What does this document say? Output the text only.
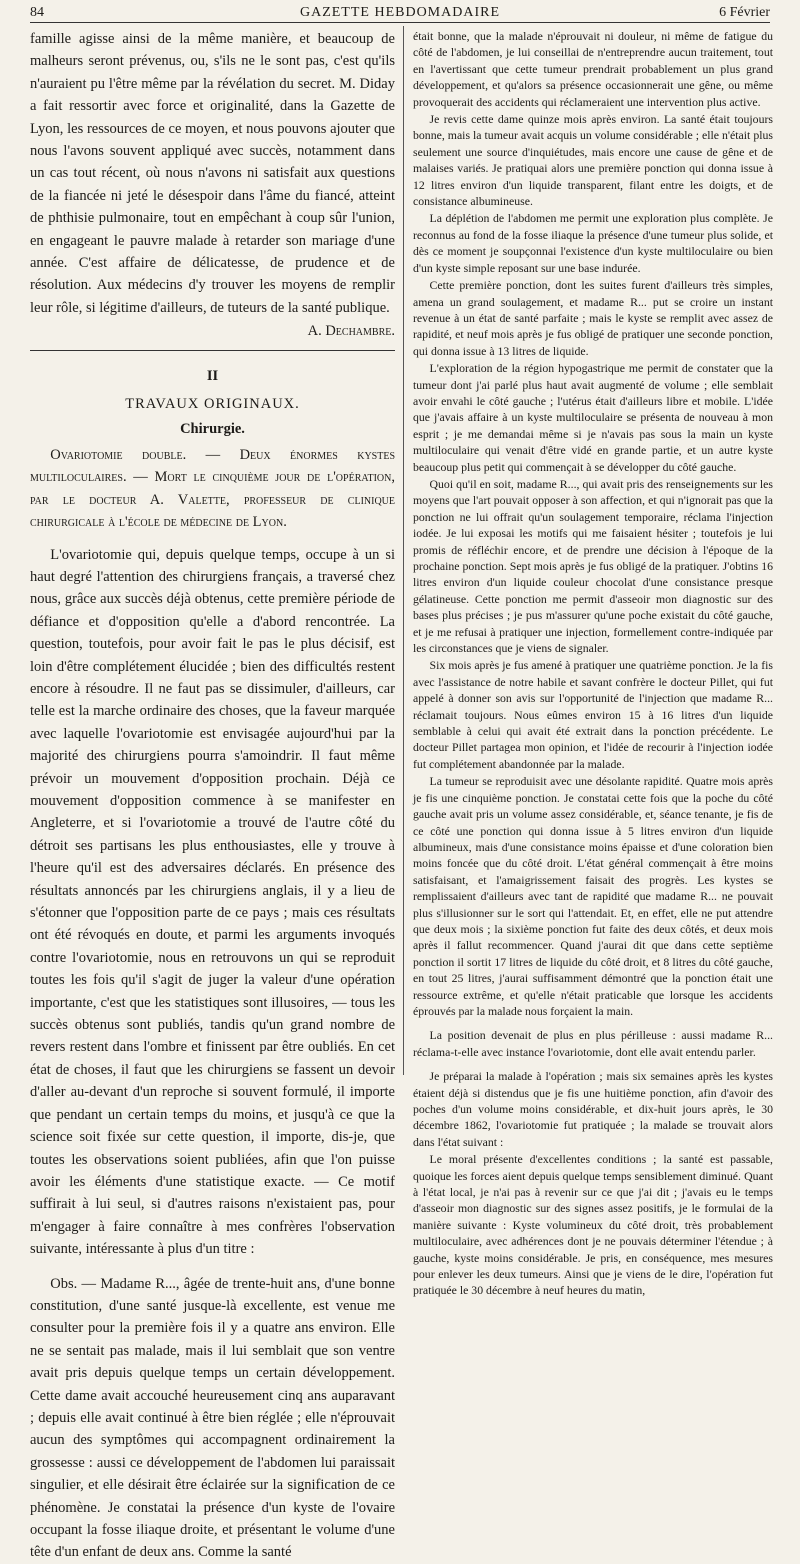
84	GAZETTE HEBDOMADAIRE	6 Février

famille agisse ainsi de la même manière, et beaucoup de malheurs seront prévenus, ou, s'ils ne le sont pas, c'est qu'ils n'auraient pu l'être même par la révélation du secret. M. Diday a fait ressortir avec force et originalité, dans la Gazette de Lyon, les ressources de ce moyen, et nous pouvons ajouter que nous l'avons souvent appliqué avec succès, notamment dans un cas tout récent, où nous n'avons ni satisfait aux questions de la fiancée ni jeté le désespoir dans l'âme du fiancé, atteint de phthisie pulmonaire, tout en empêchant à coup sûr l'union, en engageant le pauvre malade à retarder son mariage d'une année. C'est affaire de délicatesse, de prudence et de résolution. Aux médecins d'y trouver les moyens de remplir leur rôle, si légitime d'ailleurs, de tuteurs de la santé publique.

A. Dechambre.

II

TRAVAUX ORIGINAUX.

Chirurgie.

Ovariotomie double. — Deux énormes kystes multiloculaires. — Mort le cinquième jour de l'opération, par le docteur A. Valette, professeur de clinique chirurgicale à l'école de médecine de Lyon.

L'ovariotomie qui, depuis quelque temps, occupe à un si haut degré l'attention des chirurgiens français, a traversé chez nous, grâce aux succès déjà obtenus, cette première période de défiance et d'opposition qu'elle a d'abord rencontrée. La question, toutefois, pour avoir fait le pas le plus décisif, est loin d'être complétement élucidée ; bien des difficultés restent encore à résoudre. Il ne faut pas se dissimuler, d'ailleurs, car telle est la marche ordinaire des choses, que la faveur marquée avec laquelle l'ovariotomie est envisagée aujourd'hui par la majorité des chirurgiens pourra s'amoindrir. Il faut même prévoir un mouvement d'opposition prochain. Déjà ce mouvement d'opposition commence à se manifester en Angleterre, et si l'ovariotomie a trouvé de l'autre côté du détroit ses partisans les plus enthousiastes, elle y trouve à l'heure qu'il est des adversaires déclarés. En présence des résultats annoncés par les chirurgiens anglais, il y a lieu de s'étonner que l'opposition parte de ce pays ; mais ces résultats ont été révoqués en doute, et parmi les arguments invoqués contre l'ovariotomie, nous en retrouvons un qui se reproduit toutes les fois qu'il s'agit de juger la valeur d'une opération importante, c'est que les statistiques sont illusoires, — tous les succès obtenus sont publiés, tandis qu'un grand nombre de revers restent dans l'ombre et finissent par être oubliés. En cet état de choses, il faut que les chirurgiens se fassent un devoir d'aller au-devant d'un reproche si souvent formulé, il importe que pendant un certain temps du moins, et jusqu'à ce que la science soit fixée sur cette question, il importe, dis-je, que toutes les observations soient publiées, afin que l'on puisse avoir les éléments d'une statistique exacte. — Ce motif suffirait à lui seul, si d'autres raisons n'existaient pas, pour m'engager à faire connaître à mes confrères l'observation suivante, intéressante à plus d'un titre :

Obs. — Madame R..., âgée de trente-huit ans, d'une bonne constitution, d'une santé jusque-là excellente, est venue me consulter pour la première fois il y a quatre ans environ. Elle ne se sentait pas malade, mais il lui semblait que son ventre avait pris depuis quelque temps un certain développement. Cette dame avait accouché heureusement cinq ans auparavant ; depuis elle avait continué à être bien réglée ; elle n'éprouvait aucun des symptômes qui accompagnent ordinairement la grossesse : aussi ce développement de l'abdomen lui paraissait singulier, et elle désirait être éclairée sur la signification de ce phénomène. Je constatai la présence d'un kyste de l'ovaire occupant la fosse iliaque droite, et présentant le volume d'une tête d'un enfant de deux ans. Comme la santé

était bonne, que la malade n'éprouvait ni douleur, ni même de fatigue du côté de l'abdomen, je lui conseillai de n'entreprendre aucun traitement, tout en l'avertissant que cette tumeur prendrait probablement un plus grand développement, et qu'alors sa présence occasionnerait une gêne, ou même provoquerait des accidents qui réclameraient une intervention plus active.

Je revis cette dame quinze mois après environ. La santé était toujours bonne, mais la tumeur avait acquis un volume considérable ; elle n'était plus seulement une source d'inquiétudes, mais encore une cause de gêne et de malaises variés. Je pratiquai alors une première ponction qui donna issue à 12 litres environ d'un liquide transparent, filant entre les doigts, et de consistance albumineuse.

La déplétion de l'abdomen me permit une exploration plus complète. Je reconnus au fond de la fosse iliaque la présence d'une tumeur plus solide, et dès ce moment je soupçonnai l'existence d'un kyste multiloculaire ou bien d'un kyste simple reposant sur une base indurée.

Cette première ponction, dont les suites furent d'ailleurs très simples, amena un grand soulagement, et madame R... put se croire un instant revenue à un état de santé parfaite ; mais le kyste se remplit avec assez de rapidité, et neuf mois après je fus obligé de pratiquer une seconde ponction, qui donna issue à 13 litres de liquide.

L'exploration de la région hypogastrique me permit de constater que la tumeur dont j'ai parlé plus haut avait augmenté de volume ; elle semblait avoir envahi le côté gauche ; l'utérus était d'ailleurs libre et mobile. L'idée que j'avais affaire à un kyste multiloculaire se présenta de nouveau à mon esprit ; je me demandai même si je n'avais pas sous la main un kyste multiloculaire qui venait d'être vidé en grande partie, et un autre kyste beaucoup plus petit qui commençait à se développer du côté gauche.

Quoi qu'il en soit, madame R..., qui avait pris des renseignements sur les moyens que l'art pouvait opposer à son affection, et qui n'ignorait pas que la ponction ne lui offrait qu'un soulagement temporaire, réclama l'injection iodée. Je lui exposai les motifs qui me faisaient hésiter ; toutefois je lui promis de réfléchir encore, et de prendre une décision à l'époque de la prochaine ponction. Sept mois après je fus obligé de la pratiquer. J'obtins 16 litres environ d'un liquide couleur chocolat d'une consistance presque gélatineuse. Cette ponction me permit d'asseoir mon diagnostic sur des bases plus précises ; je pus m'assurer qu'une poche existait du côté gauche, et je me refusai à pratiquer une injection, formellement contre-indiquée par les circonstances que je viens de signaler.

Six mois après je fus amené à pratiquer une quatrième ponction. Je la fis avec l'assistance de notre habile et savant confrère le docteur Pillet, qui fut appelé à donner son avis sur l'opportunité de l'injection que madame R... réclamait toujours. Nous eûmes environ 15 à 16 litres d'un liquide semblable à celui qui avait été extrait dans la ponction précédente. Le docteur Pillet partagea mon opinion, et l'idée de recourir à l'injection iodée fut complétement abandonnée par la malade.

La tumeur se reproduisit avec une désolante rapidité. Quatre mois après je fis une cinquième ponction. Je constatai cette fois que la poche du côté gauche avait pris un volume assez considérable, et, séance tenante, je fis de ce côté une ponction qui donna issue à 5 litres environ d'un liquide albumineux, mais d'une consistance moins épaisse et d'une coloration bien moins foncée que du côté droit. L'état général commençait à être moins satisfaisant, et l'amaigrissement faisait des progrès. Les kystes se remplissaient d'ailleurs avec tant de rapidité que madame R... ne pouvait plus s'illusionner sur le sort qui l'attendait. Et, en effet, elle ne put attendre que deux mois ; la sixième ponction fut faite des deux côtés, et deux mois après il fallut recommencer. Quand j'aurai dit que dans cette septième ponction il sortit 17 litres de liquide du côté droit, et 8 litres du côté gauche, en tout 25 litres, j'aurai suffisamment démontré que la ponction était une ressource extrême, et qu'elle n'était praticable que lorsque les accidents éprouvés par la malade nous forçaient la main.

La position devenait de plus en plus périlleuse : aussi madame R... réclama-t-elle avec instance l'ovariotomie, dont elle avait entendu parler.

Je préparai la malade à l'opération ; mais six semaines après les kystes étaient déjà si distendus que je fis une huitième ponction, afin d'avoir des poches d'un volume moins considérable, et dix-huit jours après, le 30 décembre 1862, l'ovariotomie fut pratiquée ; la malade se trouvait alors dans l'état suivant :

Le moral présente d'excellentes conditions ; la santé est passable, quoique les forces aient depuis quelque temps sensiblement diminué. Quant à l'état local, je n'ai pas à revenir sur ce que j'ai dit ; j'avais eu le temps d'asseoir mon diagnostic sur des signes assez positifs, je le formulai de la manière suivante : Kyste volumineux du côté droit, très probablement multiloculaire, avec adhérences dont je ne pouvais déterminer l'étendue ; à gauche, kyste moins considérable. Je pris, en conséquence, mes mesures pour enlever les deux tumeurs. Ainsi que je viens de le dire, l'opération fut pratiquée le 30 décembre à neuf heures du matin,
